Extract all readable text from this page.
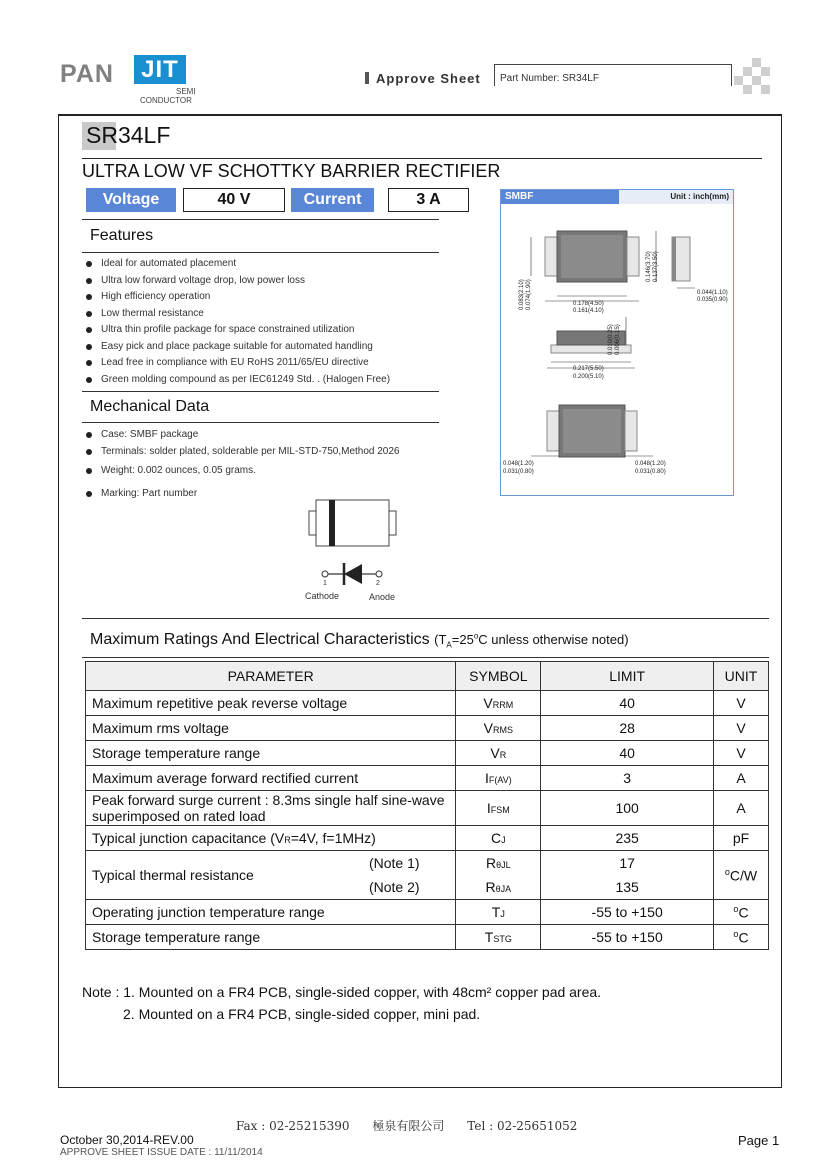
PAN JIT
SEMI
CONDUCTOR
Approve Sheet Part Number: SR34LF
SR34LF
ULTRA LOW VF SCHOTTKY BARRIER RECTIFIER
Voltage	40 V	Current	3 A
Features
Ideal for automated placement
Ultra low forward voltage drop, low power loss
High efficiency operation
Low thermal resistance
Ultra thin profile package for space constrained utilization
Easy pick and place package suitable for automated handling
Lead free in compliance with EU RoHS 2011/65/EU directive
Green molding compound as per IEC61249 Std. . (Halogen Free)
Mechanical Data
Case: SMBF package
Terminals: solder plated, solderable per MIL-STD-750,Method 2026
Weight: 0.002 ounces, 0.05 grams.
Marking: Part number
1	2
Cathode	Anode
SMBF	Unit : inch(mm)
0.083(2.10) 0.074(1.90)
0.146(3.70) 0.137(3.50)
0.178(4.50)
0.161(4.10)
0.044(1.10)
0.035(0.90)
0.010(0.25) 0.006(0.15)
0.217(5.50)
0.200(5.10)
0.048(1.20)
0.031(0.80)
0.048(1.20)
0.031(0.80)
Maximum Ratings And Electrical Characteristics ($T_A=25^oC$ unless otherwise noted)
PARAMETER		SYMBOL	LIMIT	UNIT
Maximum repetitive peak reverse voltage		VRRM	40	V
Maximum rms voltage		VRMS	28	V
Storage temperature range		VR	40	V
Maximum average forward rectified current		IF(AV)	3	A
Peak forward surge current : 8.3ms single half sine-wave superimposed on rated load		IFSM	100	A
Typical junction capacitance (VR=4V, f=1MHz)		CJ	235	pF
Typical thermal resistance	(Note 1)	RθJL	17	$^o$C/W
	(Note 2)	RθJA	135	
Operating junction temperature range		TJ	-55 to +150	$^o$C
Storage temperature range		TSTG	-55 to +150	$^o$C
Note : 1. Mounted on a FR4 PCB, single-sided copper, with 48cm² copper pad area.
2. Mounted on a FR4 PCB, single-sided copper, mini pad.
Fax : 02-25215390      極泉有限公司      Tel : 02-25651052
October 30,2014-REV.00
APPROVE SHEET ISSUE DATE : 11/11/2014
Page 1
